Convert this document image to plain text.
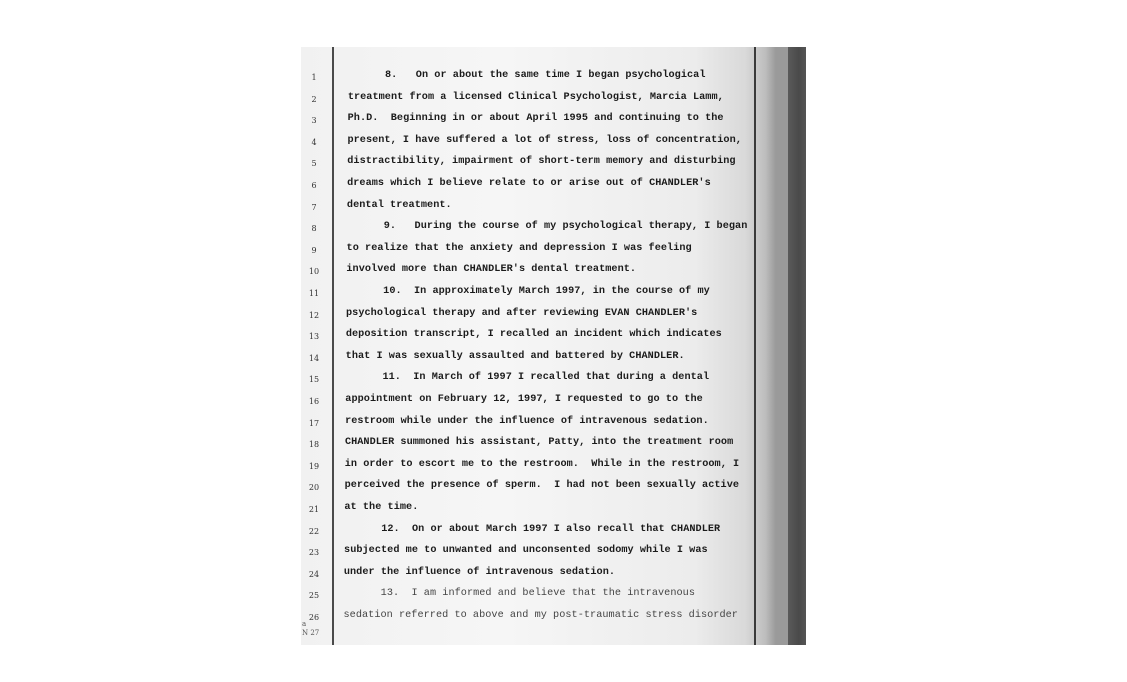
1
2
3
4
5
6
7
8
9
10
11
12
13
14
15
16
17
18
19
20
21
22
23
24
25
26
8.   On or about the same time I began psychological
treatment from a licensed Clinical Psychologist, Marcia Lamm,
Ph.D.  Beginning in or about April 1995 and continuing to the
present, I have suffered a lot of stress, loss of concentration,
distractibility, impairment of short-term memory and disturbing
dreams which I believe relate to or arise out of CHANDLER's
dental treatment.
9.   During the course of my psychological therapy, I began
to realize that the anxiety and depression I was feeling
involved more than CHANDLER's dental treatment.
10.  In approximately March 1997, in the course of my
psychological therapy and after reviewing EVAN CHANDLER's
deposition transcript, I recalled an incident which indicates
that I was sexually assaulted and battered by CHANDLER.
11.  In March of 1997 I recalled that during a dental
appointment on February 12, 1997, I requested to go to the
restroom while under the influence of intravenous sedation.
CHANDLER summoned his assistant, Patty, into the treatment room
in order to escort me to the restroom.  While in the restroom, I
perceived the presence of sperm.  I had not been sexually active
at the time.
12.  On or about March 1997 I also recall that CHANDLER
subjected me to unwanted and unconsented sodomy while I was
under the influence of intravenous sedation.
13.  I am informed and believe that the intravenous
sedation referred to above and my post-traumatic stress disorder
a
N 27
